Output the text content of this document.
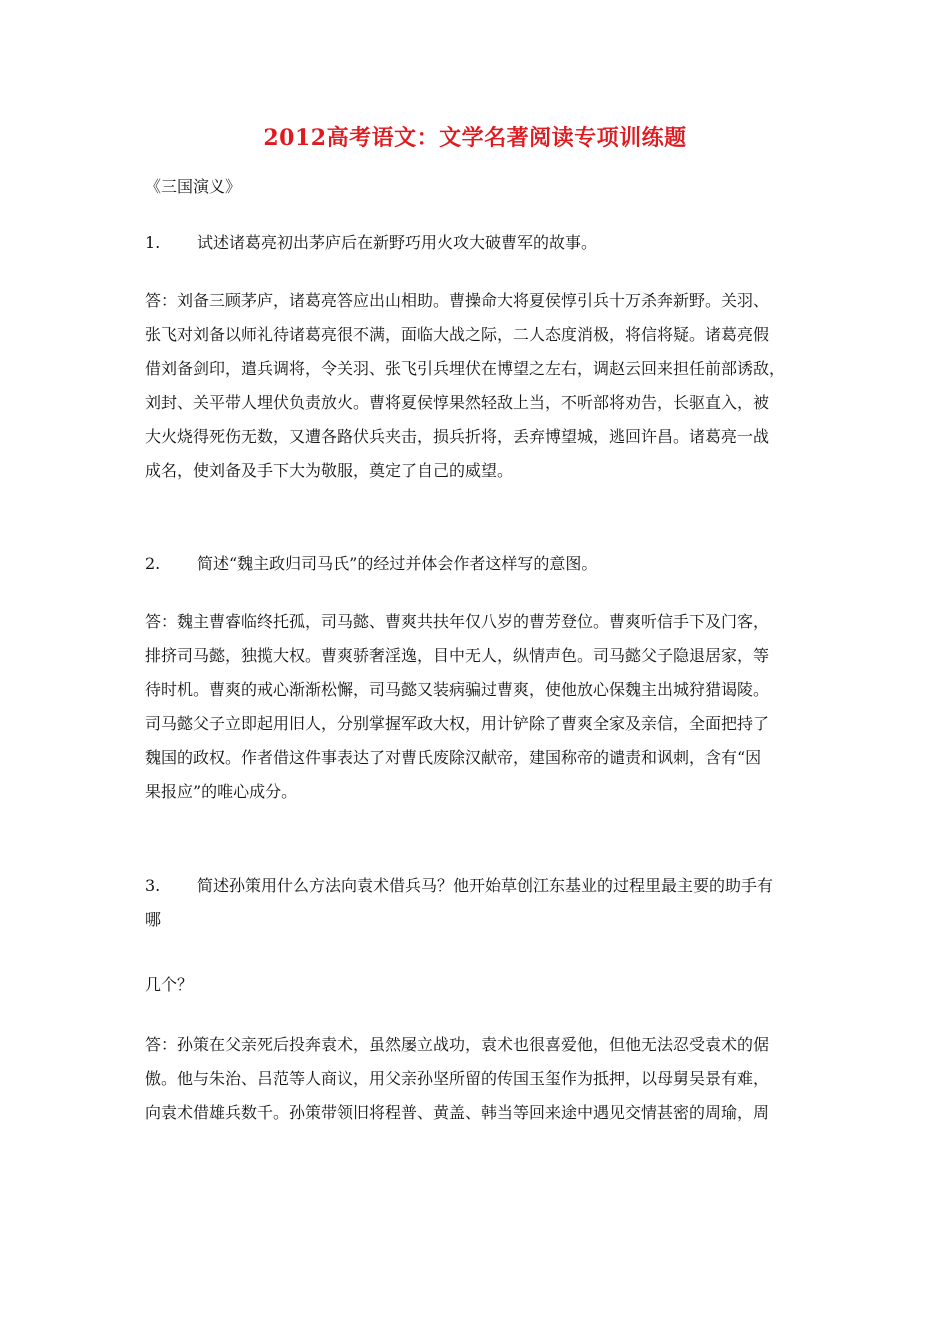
2012高考语文：文学名著阅读专项训练题
《三国演义》
1.	试述诸葛亮初出茅庐后在新野巧用火攻大破曹军的故事。
答：刘备三顾茅庐，诸葛亮答应出山相助。曹操命大将夏侯惇引兵十万杀奔新野。关羽、
张飞对刘备以师礼待诸葛亮很不满，面临大战之际，二人态度消极，将信将疑。诸葛亮假
借刘备剑印，遣兵调将，令关羽、张飞引兵埋伏在博望之左右，调赵云回来担任前部诱敌，
刘封、关平带人埋伏负责放火。曹将夏侯惇果然轻敌上当，不听部将劝告，长驱直入，被
大火烧得死伤无数，又遭各路伏兵夹击，损兵折将，丢弃博望城，逃回许昌。诸葛亮一战
成名，使刘备及手下大为敬服，奠定了自己的威望。
2.	简述“魏主政归司马氏”的经过并体会作者这样写的意图。
答：魏主曹睿临终托孤，司马懿、曹爽共扶年仅八岁的曹芳登位。曹爽听信手下及门客，
排挤司马懿，独揽大权。曹爽骄奢淫逸，目中无人，纵情声色。司马懿父子隐退居家，等
待时机。曹爽的戒心渐渐松懈，司马懿又装病骗过曹爽，使他放心保魏主出城狩猎谒陵。
司马懿父子立即起用旧人，分别掌握军政大权，用计铲除了曹爽全家及亲信，全面把持了
魏国的政权。作者借这件事表达了对曹氏废除汉献帝，建国称帝的谴责和讽刺，含有“因
果报应”的唯心成分。
3.	简述孙策用什么方法向袁术借兵马？他开始草创江东基业的过程里最主要的助手有
哪
几个？
答：孙策在父亲死后投奔袁术，虽然屡立战功，袁术也很喜爱他，但他无法忍受袁术的倨
傲。他与朱治、吕范等人商议，用父亲孙坚所留的传国玉玺作为抵押，以母舅吴景有难，
向袁术借雄兵数千。孙策带领旧将程普、黄盖、韩当等回来途中遇见交情甚密的周瑜，周
